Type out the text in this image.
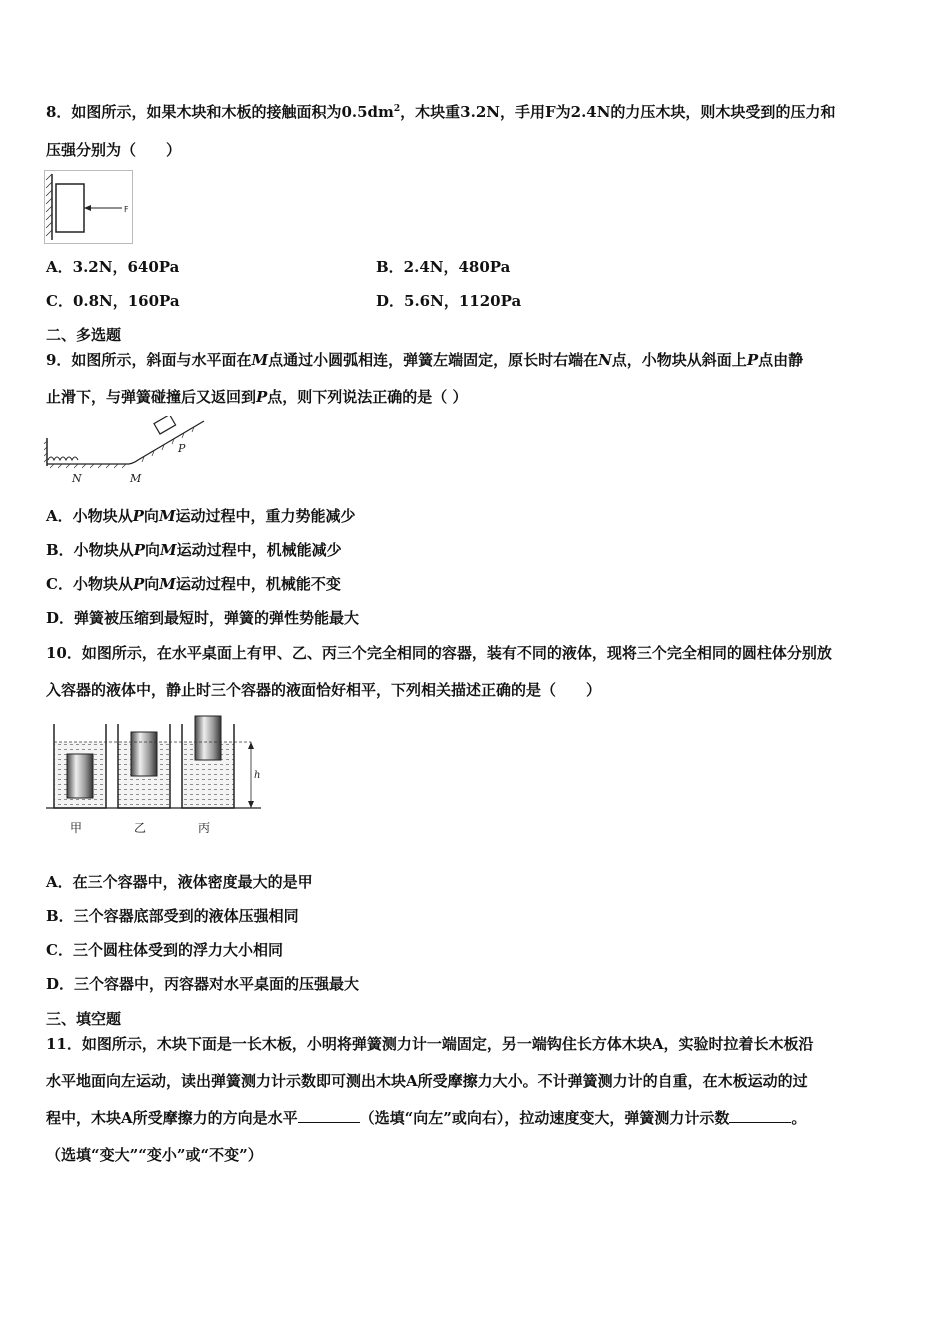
8．如图所示，如果木块和木板的接触面积为$0.5dm^2$，木块重3.2N，手用F为2.4N的力压木块，则木块受到的压力和
压强分别为（　　）
F
A．3.2N，640Pa	B．2.4N，480Pa
C．0.8N，160Pa	D．5.6N，1120Pa
二、多选题
9．如图所示，斜面与水平面在M点通过小圆弧相连，弹簧左端固定，原长时右端在N点，小物块从斜面上P点由静
止滑下，与弹簧碰撞后又返回到P点，则下列说法正确的是（ ）
P
N	M
A．小物块从P向M运动过程中，重力势能减少
B．小物块从P向M运动过程中，机械能减少
C．小物块从P向M运动过程中，机械能不变
D．弹簧被压缩到最短时，弹簧的弹性势能最大
10．如图所示，在水平桌面上有甲、乙、丙三个完全相同的容器，装有不同的液体，现将三个完全相同的圆柱体分别放
入容器的液体中，静止时三个容器的液面恰好相平，下列相关描述正确的是（　　）
h
甲	乙	丙
A．在三个容器中，液体密度最大的是甲
B．三个容器底部受到的液体压强相同
C．三个圆柱体受到的浮力大小相同
D．三个容器中，丙容器对水平桌面的压强最大
三、填空题
11．如图所示，木块下面是一长木板，小明将弹簧测力计一端固定，另一端钩住长方体木块A，实验时拉着长木板沿
水平地面向左运动，读出弹簧测力计示数即可测出木块A所受摩擦力大小。不计弹簧测力计的自重，在木板运动的过
程中，木块A所受摩擦力的方向是水平	（选填“向左”或向右），拉动速度变大，弹簧测力计示数	。
（选填“变大”“变小”或“不变”）
